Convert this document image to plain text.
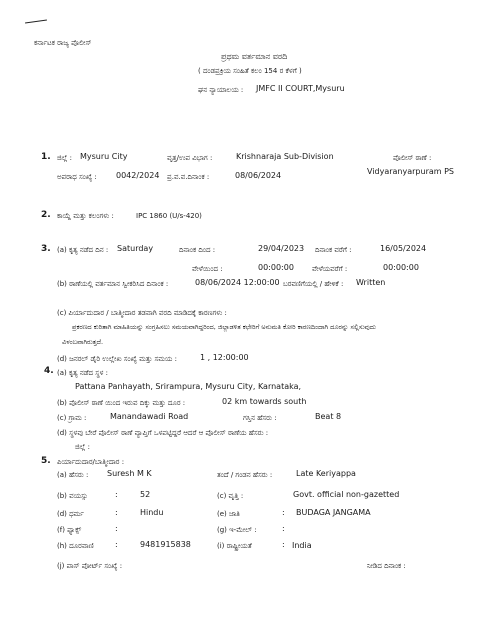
ಕರ್ನಾಟಕ ರಾಜ್ಯ ಪೊಲೀಸ್
ಪ್ರಥಮ ವರ್ತಮಾನ ವರದಿ
( ದಂಡಪ್ರಕ್ರಿಯ ಸಂಹಿತೆ ಕಲಂ 154 ರ ಕೆಳಗೆ )
ಘನ ನ್ಯಾಯಾಲಯ : JMFC II COURT,Mysuru
1. ಜಿಲ್ಲೆ : Mysuru City	ವೃತ್ತ/ಉಪ ವಿಭಾಗ :	Krishnaraja Sub-Division	ಪೊಲೀಸ್ ಠಾಣೆ :
ಅಪರಾಧ ಸಂಖ್ಯೆ : 0042/2024 ಪ್ರ.ವ.ವ.ದಿನಾಂಕ :	08/06/2024	Vidyaranyarpuram PS
2. ಕಾಯ್ದೆ ಮತ್ತು ಕಲಂಗಳು :	IPC 1860 (U/s-420)
3. (a) ಕೃತ್ಯ ನಡೆದ ದಿನ : Saturday	ದಿನಾಂಕ ದಿಂದ :	29/04/2023 ದಿನಾಂಕ ವರೆಗೆ :	16/05/2024
ವೇಳೆಯಿಂದ :	00:00:00	ವೇಳೆಯವರೆಗೆ :	00:00:00
(b) ಠಾಣೆಯಲ್ಲಿ ವರ್ತಮಾನ ಸ್ವೀಕರಿಸಿದ ದಿನಾಂಕ :	08/06/2024 12:00:00 ಬರವಣಿಗೆಯಲ್ಲಿ / ಹೇಳಿಕೆ : Written
(c) ಪಿರ್ಯಾದುದಾರ / ಬಾತ್ಮೀದಾರ ತಡವಾಗಿ ವರದಿ ಮಾಡಿದಕ್ಕೆ ಕಾರಣಗಳು :
ಪ್ರಕರಣದ ಕುರಿತಾಗಿ ಮಾಹಿತಿಯನ್ನು ಸಂಗ್ರಹಿಸಲು ಸಮಯವಾಗಿದ್ದರಿಂದ, ಜಿಲ್ಲಾಡಳಿತ ಕಛೇರಿಗೆ ಅನುಮತಿ ಕೋರಿ ಕಾರಣದಿಂದಾಗಿ ದೂರನ್ನು ಸಲ್ಲಿಸುವುದು
ವಿಳಂಬವಾಗಿರುತ್ತದೆ.
(d) ಜನರಲ್ ಡೈರಿ ಉಲ್ಲೇಖ ಸಂಖ್ಯೆ ಮತ್ತು ಸಮಯ :	1 , 12:00:00
4. (a) ಕೃತ್ಯ ನಡೆದ ಸ್ಥಳ :
Pattana Panhayath, Srirampura, Mysuru City, Karnataka,
(b) ಪೊಲೀಸ್ ಠಾಣೆ ಯಿಂದ ಇರುವ ದಿಕ್ಕು ಮತ್ತು ದೂರ :	02 km towards south
(c) ಗ್ರಾಮ :	Manandawadi Road	ಗಸ್ತಿನ ಹೆಸರು :	Beat 8
(d) ಸ್ಥಳವು ಬೇರೆ ಪೊಲೀಸ್ ಠಾಣೆ ವ್ಯಾಪ್ತಿಗೆ ಒಳಪಟ್ಟಿದ್ದರೆ ಆದರೆ ಆ ಪೊಲೀಸ್ ಠಾಣೆಯ ಹೆಸರು :
ಜಿಲ್ಲೆ :
5. ಪಿರ್ಯಾದುದಾರ/ಬಾತ್ಮೀದಾರ :
(a) ಹೆಸರು : Suresh M K	ತಂದೆ / ಗಂಡನ ಹೆಸರು :	Late Keriyappa
(b) ವಯಸ್ಸು	:	52	(c) ವೃತ್ತಿ :	Govt. official non-gazetted
(d) ಧರ್ಮ	:	Hindu	(e) ಜಾತಿ	: BUDAGA JANGAMA
(f) ಫ್ಯಾಕ್ಸ್	:	(g) ಇ-ಮೇಲ್ :	:
(h) ದೂರವಾಣಿ	:	9481915838	(i) ರಾಷ್ಟ್ರೀಯತೆ	: India
(j) ಪಾಸ್ ಪೋರ್ಟ್ ಸಂಖ್ಯೆ :	ನೀಡಿದ ದಿನಾಂಕ :
